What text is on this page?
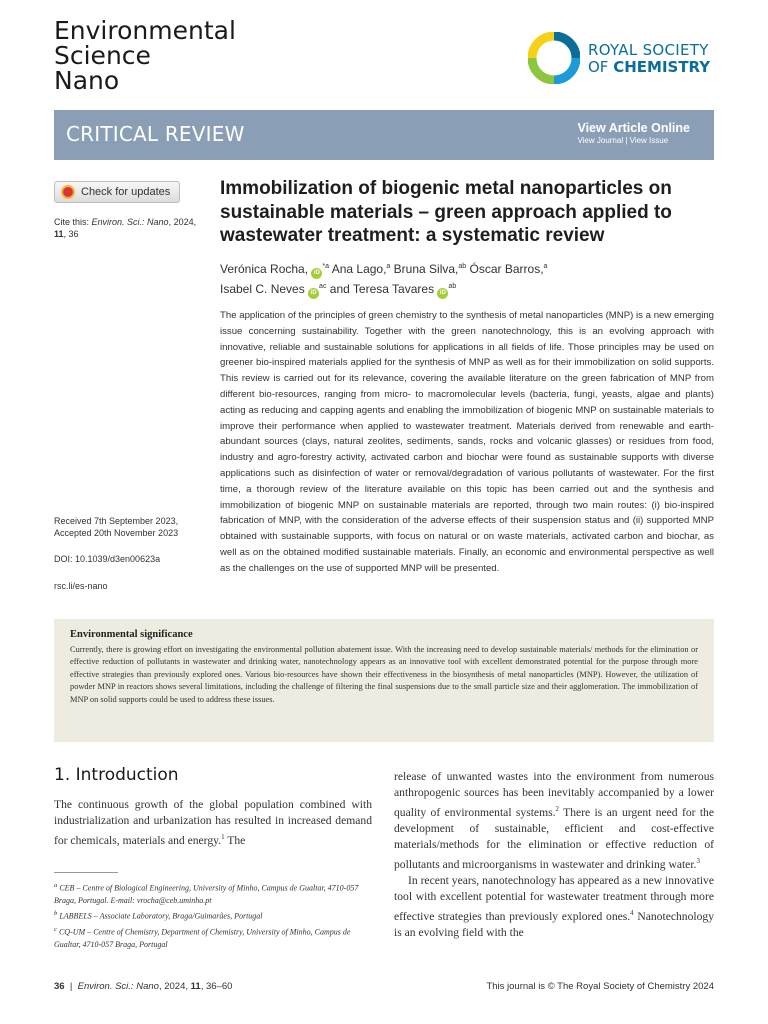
Environmental
Science
Nano
ROYAL SOCIETY
OF CHEMISTRY
CRITICAL REVIEW	View Article Online
View Journal | View Issue
Check for updates
Cite this: Environ. Sci.: Nano, 2024,
11, 36
Received 7th September 2023,
Accepted 20th November 2023
DOI: 10.1039/d3en00623a
rsc.li/es-nano
Immobilization of biogenic metal nanoparticles on sustainable materials – green approach applied to wastewater treatment: a systematic review
Verónica Rocha, $iD^{*a}$ Ana Lago,$^a$ Bruna Silva,$^{ab}$ Óscar Barros,$^a$
Isabel C. Neves $iD^{ac}$ and Teresa Tavares $iD^{ab}$
The application of the principles of green chemistry to the synthesis of metal nanoparticles (MNP) is a new emerging issue concerning sustainability. Together with the green nanotechnology, this is an evolving approach with innovative, reliable and sustainable solutions for applications in all fields of life. Those principles may be used on greener bio-inspired materials applied for the synthesis of MNP as well as for their immobilization on solid supports. This review is carried out for its relevance, covering the available literature on the green fabrication of MNP from different bio-resources, ranging from micro- to macromolecular levels (bacteria, fungi, yeasts, algae and plants) acting as reducing and capping agents and enabling the immobilization of biogenic MNP on sustainable materials to improve their performance when applied to wastewater treatment. Materials derived from renewable and earth-abundant sources (clays, natural zeolites, sediments, sands, rocks and volcanic glasses) or residues from food, industry and agro-forestry activity, activated carbon and biochar were found as sustainable supports with diverse applications such as disinfection of water or removal/degradation of various pollutants of wastewater. For the first time, a thorough review of the literature available on this topic has been carried out and the synthesis and immobilization of biogenic MNP on sustainable materials are reported, through two main routes: (i) bio-inspired fabrication of MNP, with the consideration of the adverse effects of their suspension status and (ii) supported MNP obtained with sustainable supports, with focus on natural or on waste materials, activated carbon and biochar, as well as on the obtained modified sustainable materials. Finally, an economic and environmental perspective as well as the challenges on the use of supported MNP will be presented.
Environmental significance
Currently, there is growing effort on investigating the environmental pollution abatement issue. With the increasing need to develop sustainable materials/ methods for the elimination or effective reduction of pollutants in wastewater and drinking water, nanotechnology appears as an innovative tool with excellent demonstrated potential for the purpose through more effective strategies than previously explored ones. Various bio-resources have shown their effectiveness in the biosynthesis of metal nanoparticles (MNP). However, the utilization of powder MNP in reactors shows several limitations, including the challenge of filtering the final suspensions due to the small particle size and their agglomeration. The immobilization of MNP on solid supports could be used to address these issues.
1. Introduction
The continuous growth of the global population combined with industrialization and urbanization has resulted in increased demand for chemicals, materials and energy.$^1$ The

release of unwanted wastes into the environment from numerous anthropogenic sources has been inevitably accompanied by a lower quality of environmental systems.$^2$ There is an urgent need for the development of sustainable, efficient and cost-effective materials/methods for the elimination or effective reduction of pollutants and microorganisms in wastewater and drinking water.$^3$

In recent years, nanotechnology has appeared as a new innovative tool with excellent potential for wastewater treatment through more effective strategies than previously explored ones.$^4$ Nanotechnology is an evolving field with the

$^a$ CEB – Centre of Biological Engineering, University of Minho, Campus de Gualtar, 4710-057 Braga, Portugal. E-mail: vrocha@ceb.uminho.pt

$^b$ LABBELS – Associate Laboratory, Braga/Guimarães, Portugal

$^c$ CQ-UM – Centre of Chemistry, Department of Chemistry, University of Minho, Campus de Gualtar, 4710-057 Braga, Portugal

36  |  Environ. Sci.: Nano, 2024, 11, 36–60	This journal is © The Royal Society of Chemistry 2024
